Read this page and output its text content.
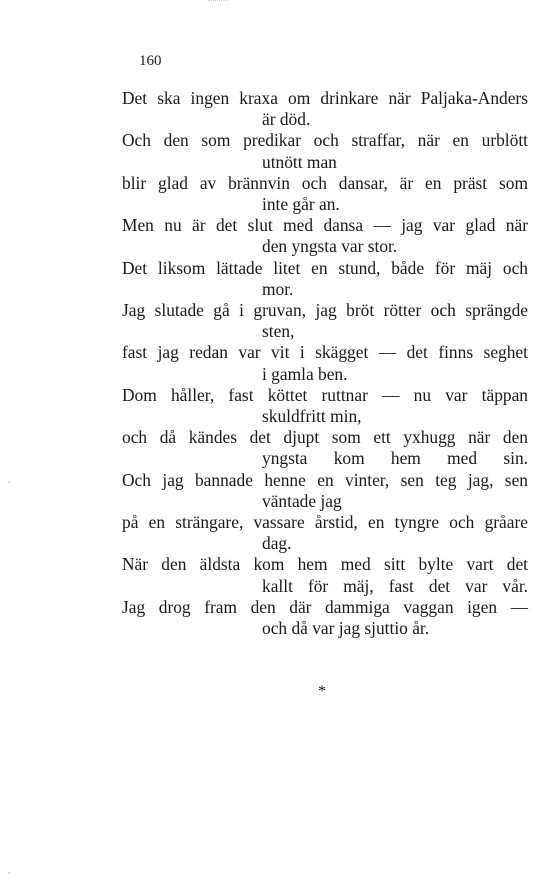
160
Det ska ingen kraxa om drinkare när Paljaka-Anders
är död.
Och den som predikar och straffar, när en urblött
utnött man
blir glad av brännvin och dansar, är en präst som
inte går an.
Men nu är det slut med dansa — jag var glad när
den yngsta var stor.
Det liksom lättade litet en stund, både för mäj och
mor.
Jag slutade gå i gruvan, jag bröt rötter och sprängde
sten,
fast jag redan var vit i skägget — det finns seghet
i gamla ben.
Dom håller, fast köttet ruttnar — nu var täppan
skuldfritt min,
och då kändes det djupt som ett yxhugg när den
yngsta kom hem med sin.
Och jag bannade henne en vinter, sen teg jag, sen
väntade jag
på en strängare, vassare årstid, en tyngre och gråare
dag.
När den äldsta kom hem med sitt bylte vart det
kallt för mäj, fast det var vår.
Jag drog fram den där dammiga vaggan igen —
och då var jag sjuttio år.
*
